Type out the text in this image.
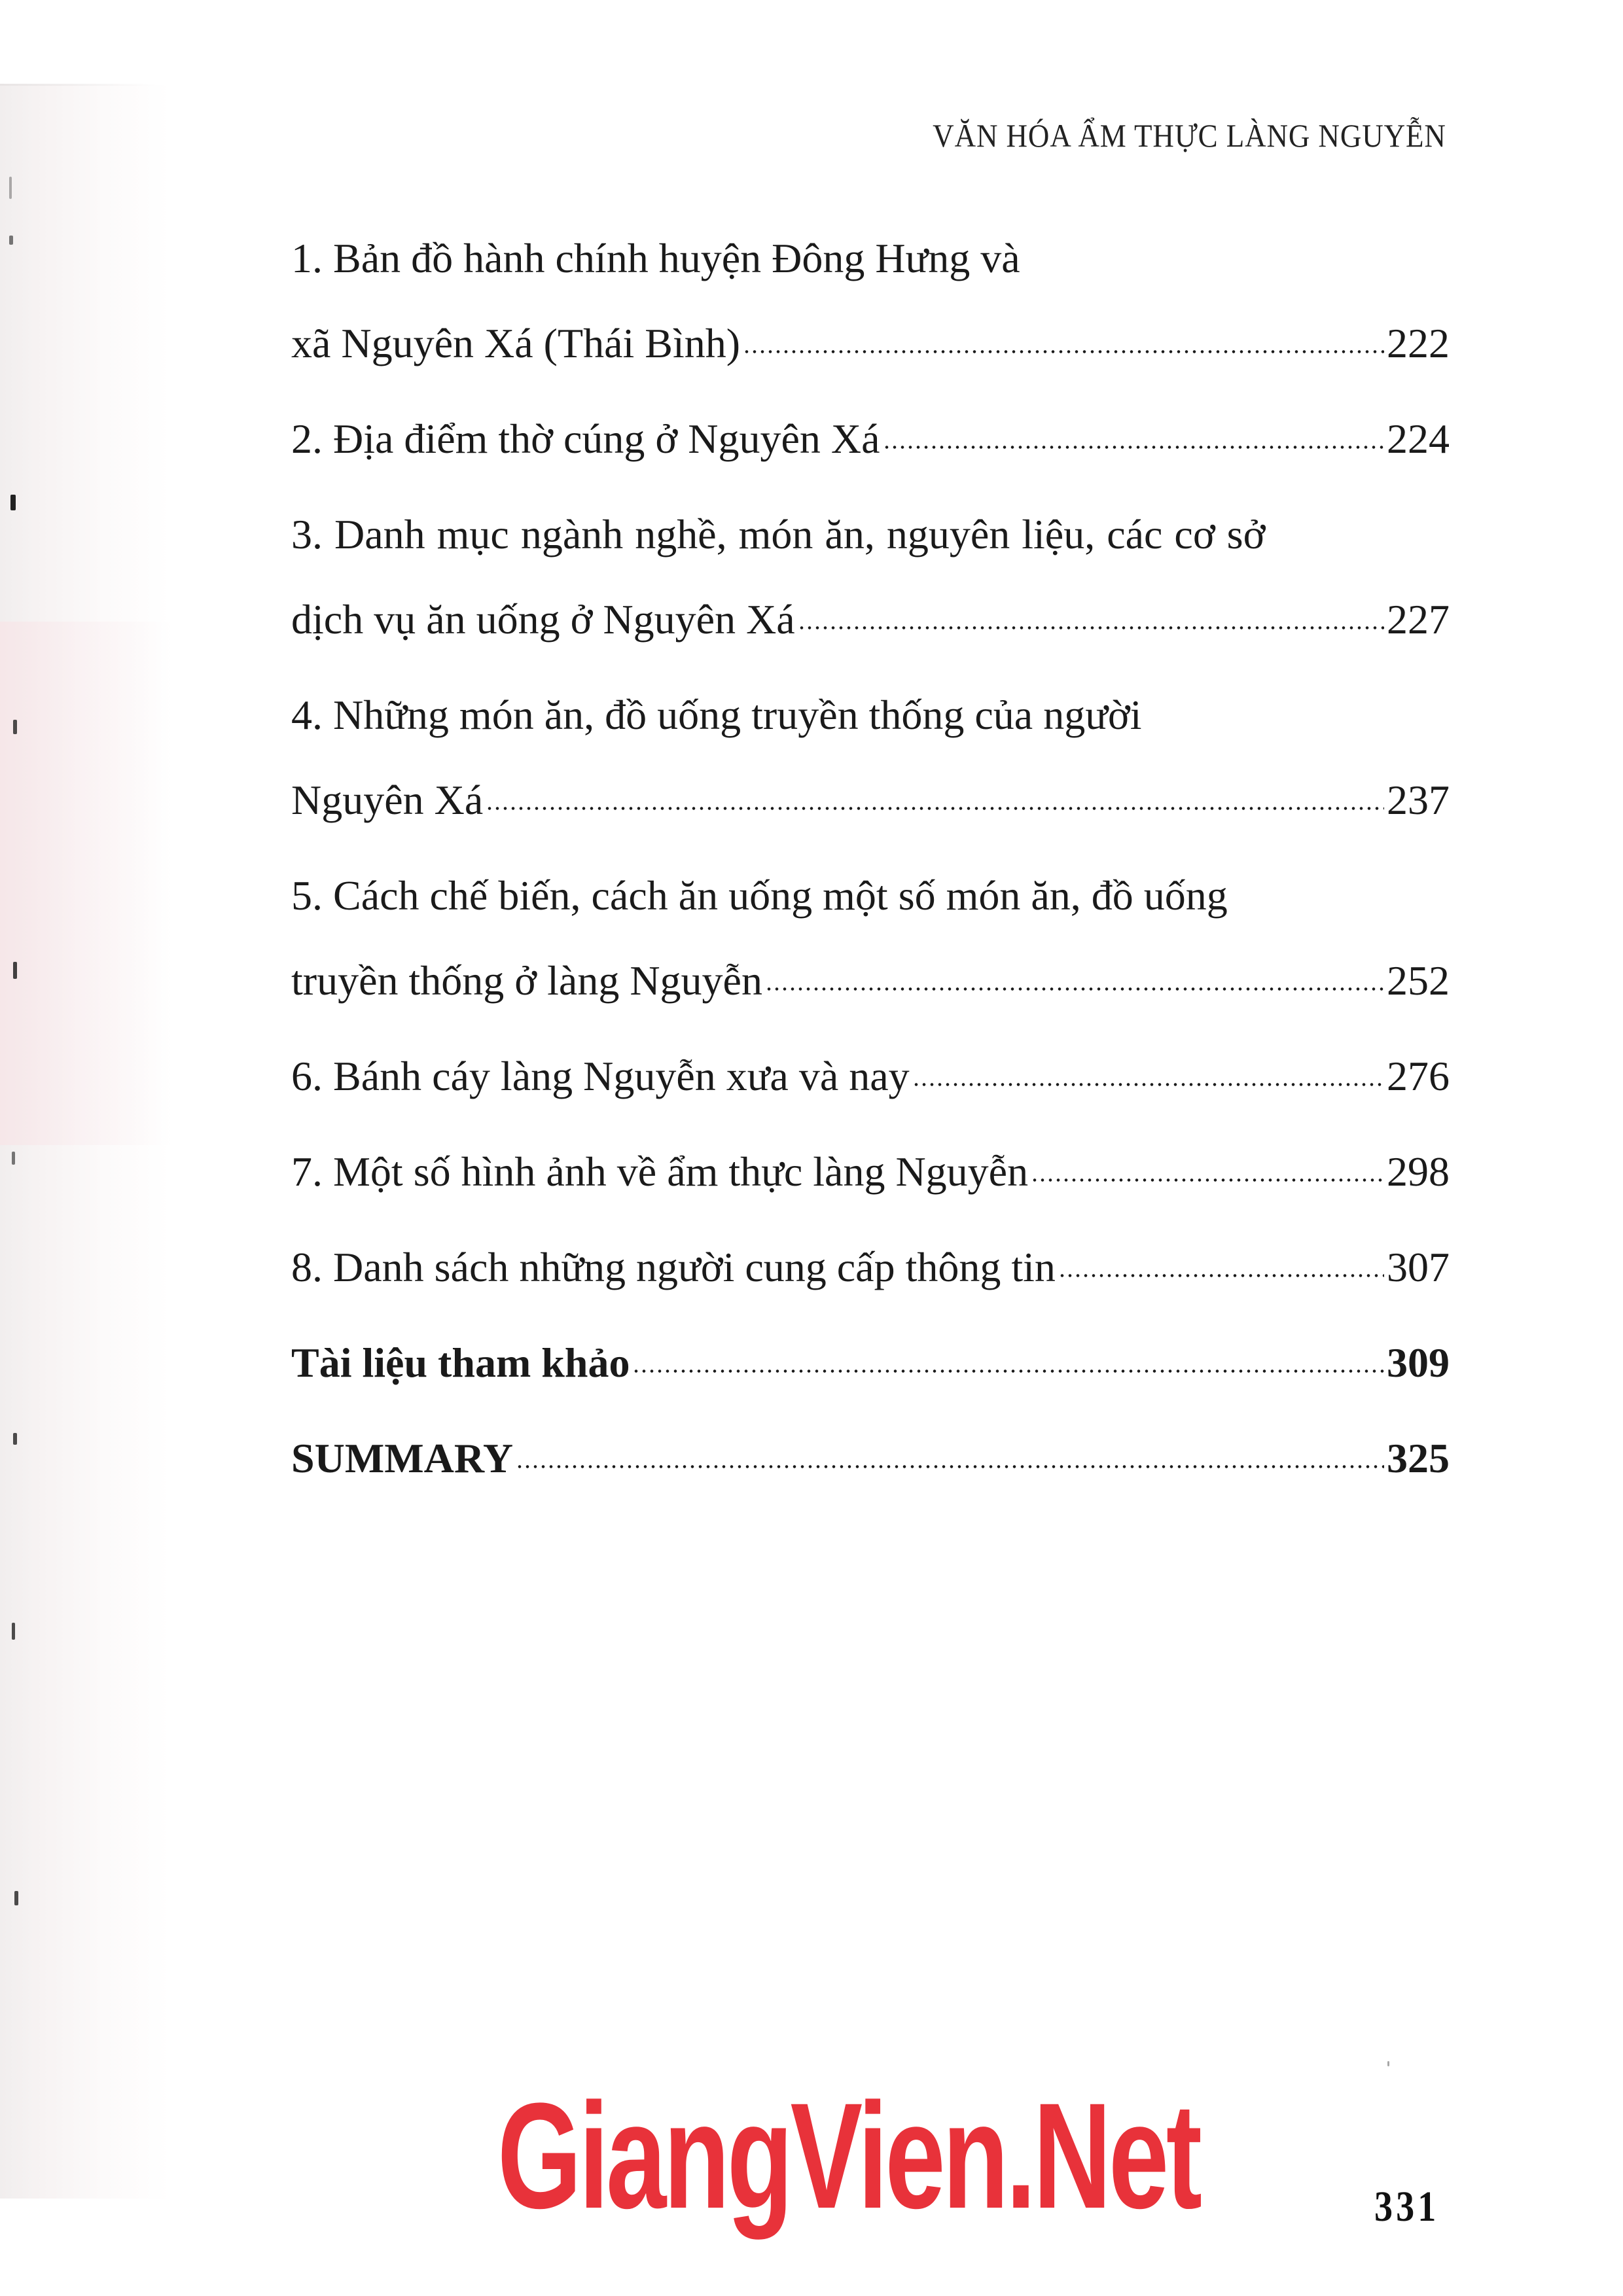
VĂN HÓA ẨM THỰC LÀNG NGUYỄN
1. Bản đồ hành chính huyện Đông Hưng và
xã Nguyên Xá (Thái Bình)	222
2. Địa điểm thờ cúng ở Nguyên Xá	224
3. Danh mục ngành nghề, món ăn, nguyên liệu, các cơ sở
dịch vụ ăn uống ở Nguyên Xá	227
4. Những món ăn, đồ uống truyền thống của người
Nguyên Xá	237
5. Cách chế biến, cách ăn uống một số món ăn, đồ uống
truyền thống ở làng Nguyễn	252
6. Bánh cáy làng Nguyễn xưa và nay	276
7. Một số hình ảnh về ẩm thực làng Nguyễn	298
8. Danh sách những người cung cấp thông tin	307
Tài liệu tham khảo	309
SUMMARY	325
GiangVien.Net	331
